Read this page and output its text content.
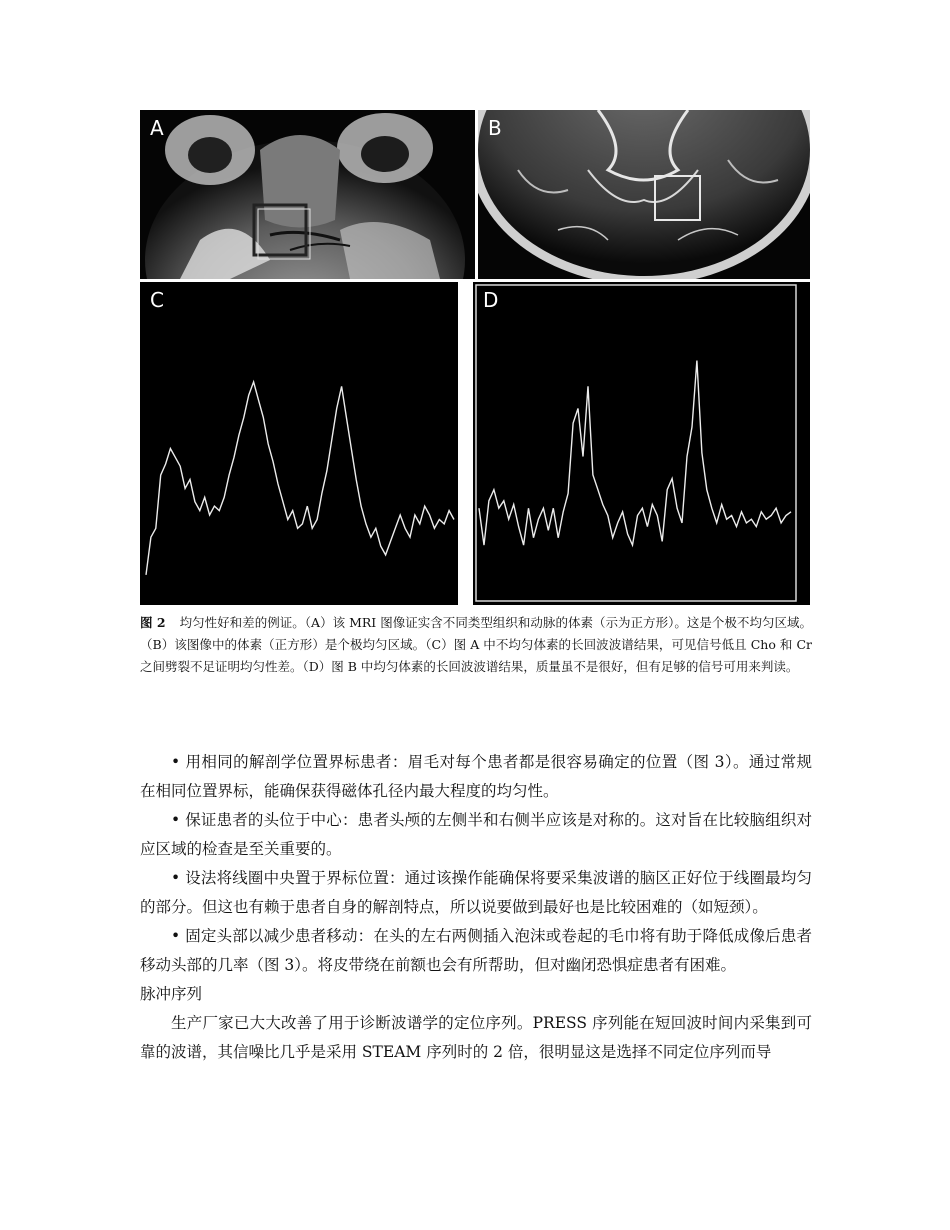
A	B
C	D
图 2 均匀性好和差的例证。（A）该 MRI 图像证实含不同类型组织和动脉的体素（示为正方形）。这是个极不均匀区域。（B）该图像中的体素（正方形）是个极均匀区域。（C）图 A 中不均匀体素的长回波波谱结果，可见信号低且 Cho 和 Cr 之间劈裂不足证明均匀性差。（D）图 B 中均匀体素的长回波波谱结果，质量虽不是很好，但有足够的信号可用来判读。

• 用相同的解剖学位置界标患者：眉毛对每个患者都是很容易确定的位置（图 3）。通过常规在相同位置界标，能确保获得磁体孔径内最大程度的均匀性。

• 保证患者的头位于中心：患者头颅的左侧半和右侧半应该是对称的。这对旨在比较脑组织对应区域的检查是至关重要的。

• 设法将线圈中央置于界标位置：通过该操作能确保将要采集波谱的脑区正好位于线圈最均匀的部分。但这也有赖于患者自身的解剖特点，所以说要做到最好也是比较困难的（如短颈）。

• 固定头部以减少患者移动：在头的左右两侧插入泡沫或卷起的毛巾将有助于降低成像后患者移动头部的几率（图 3）。将皮带绕在前额也会有所帮助，但对幽闭恐惧症患者有困难。

脉冲序列

生产厂家已大大改善了用于诊断波谱学的定位序列。PRESS 序列能在短回波时间内采集到可靠的波谱，其信噪比几乎是采用 STEAM 序列时的 2 倍，很明显这是选择不同定位序列而导
